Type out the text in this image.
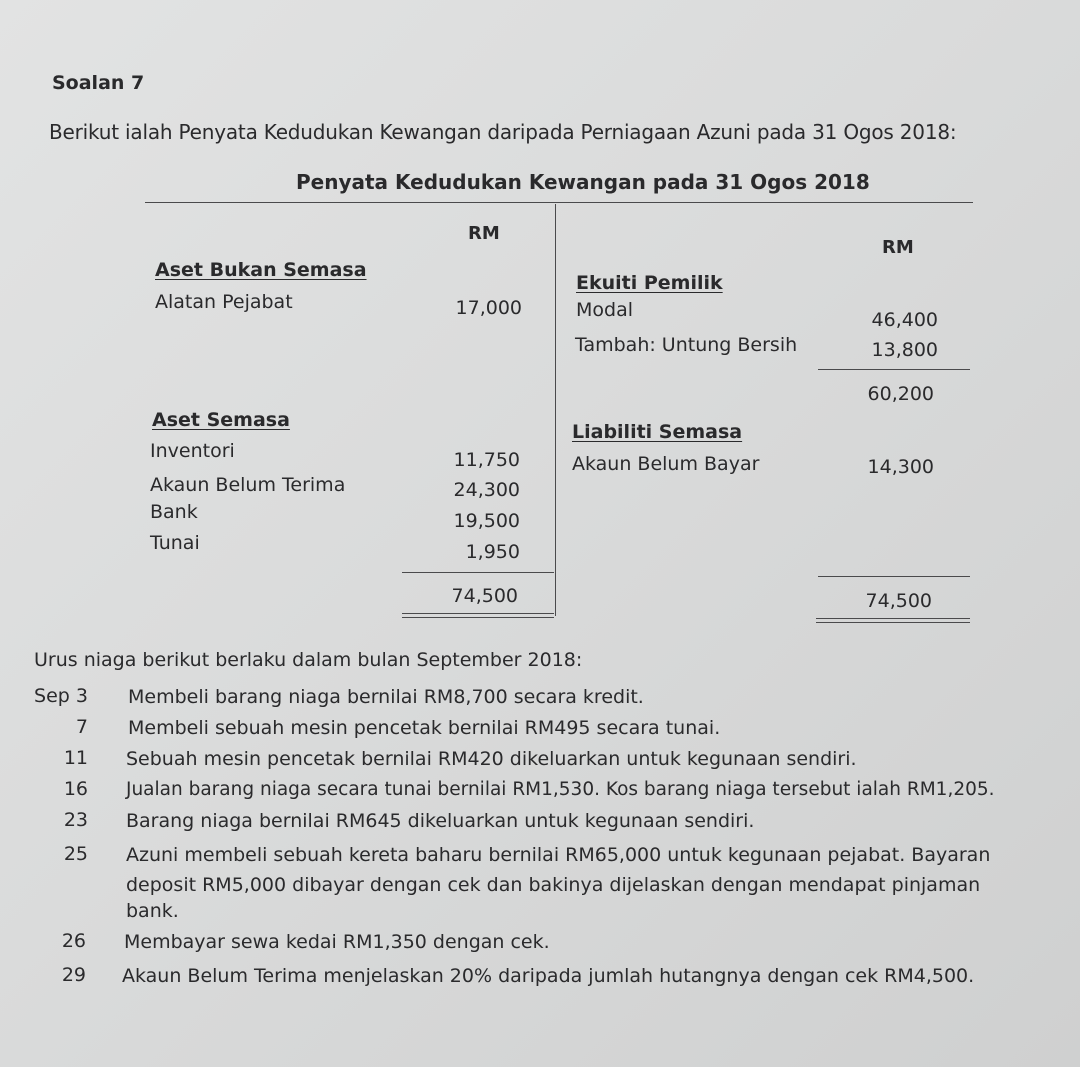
Soalan 7
Berikut ialah Penyata Kedudukan Kewangan daripada Perniagaan Azuni pada 31 Ogos 2018:
Penyata Kedudukan Kewangan pada 31 Ogos 2018
RM
RM
Aset Bukan Semasa
Alatan Pejabat	17,000
Aset Semasa
Inventori	11,750
Akaun Belum Terima	24,300
Bank	19,500
Tunai	1,950
74,500
Ekuiti Pemilik
Modal	46,400
Tambah: Untung Bersih	13,800
60,200
Liabiliti Semasa
Akaun Belum Bayar	14,300
74,500
Urus niaga berikut berlaku dalam bulan September 2018:
Sep 3 Membeli barang niaga bernilai RM8,700 secara kredit.
7 Membeli sebuah mesin pencetak bernilai RM495 secara tunai.
11 Sebuah mesin pencetak bernilai RM420 dikeluarkan untuk kegunaan sendiri.
16 Jualan barang niaga secara tunai bernilai RM1,530. Kos barang niaga tersebut ialah RM1,205.
23 Barang niaga bernilai RM645 dikeluarkan untuk kegunaan sendiri.
25 Azuni membeli sebuah kereta baharu bernilai RM65,000 untuk kegunaan pejabat. Bayaran
deposit RM5,000 dibayar dengan cek dan bakinya dijelaskan dengan mendapat pinjaman
bank.
26 Membayar sewa kedai RM1,350 dengan cek.
29 Akaun Belum Terima menjelaskan 20% daripada jumlah hutangnya dengan cek RM4,500.
